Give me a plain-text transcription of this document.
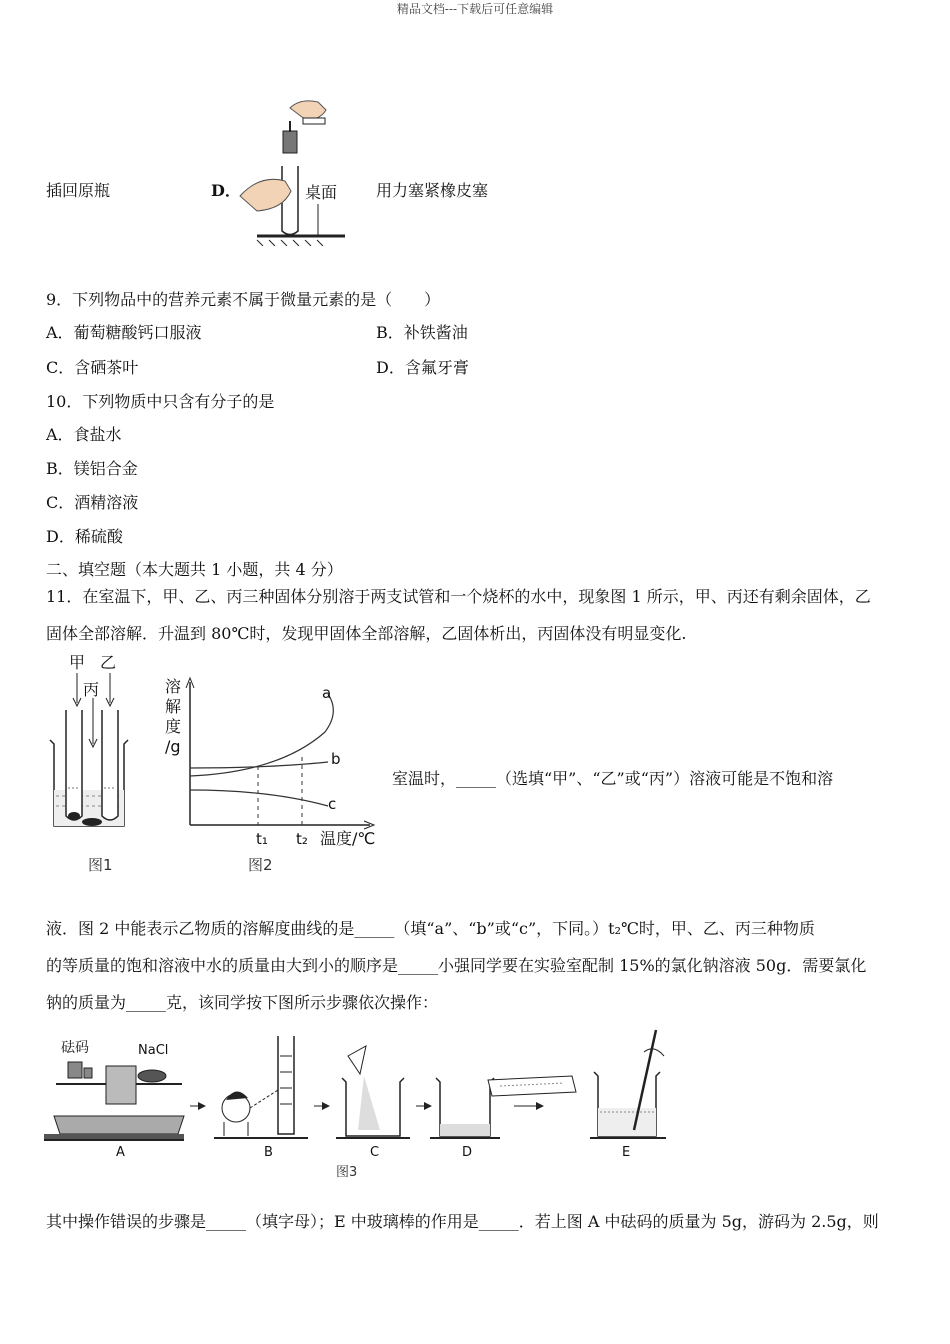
精品文档---下载后可任意编辑
插回原瓶	D．	桌面 用力塞紧橡皮塞
9．下列物品中的营养元素不属于微量元素的是（　　）
A．葡萄糖酸钙口服液	B．补铁酱油
C．含硒茶叶	D．含氟牙膏
10．下列物质中只含有分子的是
A．食盐水
B．镁铝合金
C．酒精溶液
D．稀硫酸
二、填空题（本大题共 1 小题，共 4 分）
11．在室温下，甲、乙、丙三种固体分别溶于两支试管和一个烧杯的水中，现象图 1 所示，甲、丙还有剩余固体，乙
固体全部溶解．升温到 80℃时，发现甲固体全部溶解，乙固体析出，丙固体没有明显变化.
甲 乙
丙
图1
溶
解
度
/g
a
b
c
t₁ t₂ 温度/℃
图2
室温时，_____（选填“甲”、“乙”或“丙”）溶液可能是不饱和溶
液．图 2 中能表示乙物质的溶解度曲线的是_____（填“a”、“b”或“c”，下同。）t₂℃时，甲、乙、丙三种物质
的等质量的饱和溶液中水的质量由大到小的顺序是_____小强同学要在实验室配制 15%的氯化钠溶液 50g．需要氯化
钠的质量为_____克，该同学按下图所示步骤依次操作：
砝码	NaCl
A	B	C	D	E
图3
其中操作错误的步骤是_____（填字母）；E 中玻璃棒的作用是_____．若上图 A 中砝码的质量为 5g，游码为 2.5g，则
